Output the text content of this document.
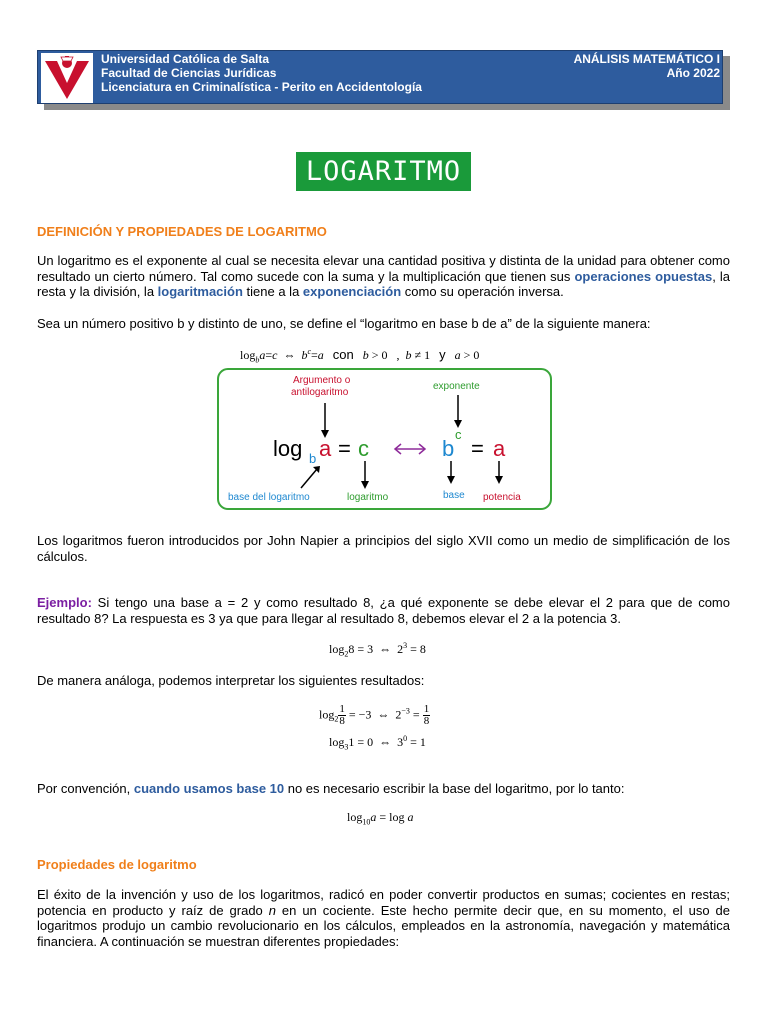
Universidad Católica de Salta
Facultad de Ciencias Jurídicas
Licenciatura en Criminalística - Perito en Accidentología
ANÁLISIS MATEMÁTICO I
Año 2022
LOGARITMO
DEFINICIÓN Y PROPIEDADES DE LOGARITMO
Un logaritmo es el exponente al cual se necesita elevar una cantidad positiva y distinta de la unidad para obtener como resultado un cierto número. Tal como sucede con la suma y la multiplicación que tienen sus operaciones opuestas, la resta y la división, la logaritmación tiene a la exponenciación como su operación inversa.
Sea un número positivo b y distinto de uno, se define el “logaritmo en base b de a” de la siguiente manera:
$\log_ba=c$  ⇔  $b^c=a$ con b > 0   ,  b ≠ 1   y a > 0
Argumento o
antilogaritmo
exponente
log b a = c	b
c
= a
base del logaritmo	logaritmo	base potencia
Los logaritmos fueron introducidos por John Napier a principios del siglo XVII como un medio de simplificación de los cálculos.
Ejemplo: Si tengo una base a = 2 y como resultado 8, ¿a qué exponente se debe elevar el 2 para que de como resultado 8? La respuesta es 3 ya que para llegar al resultado 8, debemos elevar el 2 a la potencia 3.
$\log_28 = 3$  ⇔  $2^3 = 8$
De manera análoga, podemos interpretar los siguientes resultados:
$\log_2 \frac{1}{8} = -3$  ⇔  $2^{-3} = \frac{1}{8}$
$\log_31 = 0$  ⇔  $3^0 = 1$
Por convención, cuando usamos base 10 no es necesario escribir la base del logaritmo, por lo tanto:
$\log_{10}a = \log a$
Propiedades de logaritmo
El éxito de la invención y uso de los logaritmos, radicó en poder convertir productos en sumas; cocientes en restas; potencia en producto y raíz de grado n en un cociente. Este hecho permite decir que, en su momento, el uso de logaritmos produjo un cambio revolucionario en los cálculos, empleados en la astronomía, navegación y matemática financiera. A continuación se muestran diferentes propiedades:
